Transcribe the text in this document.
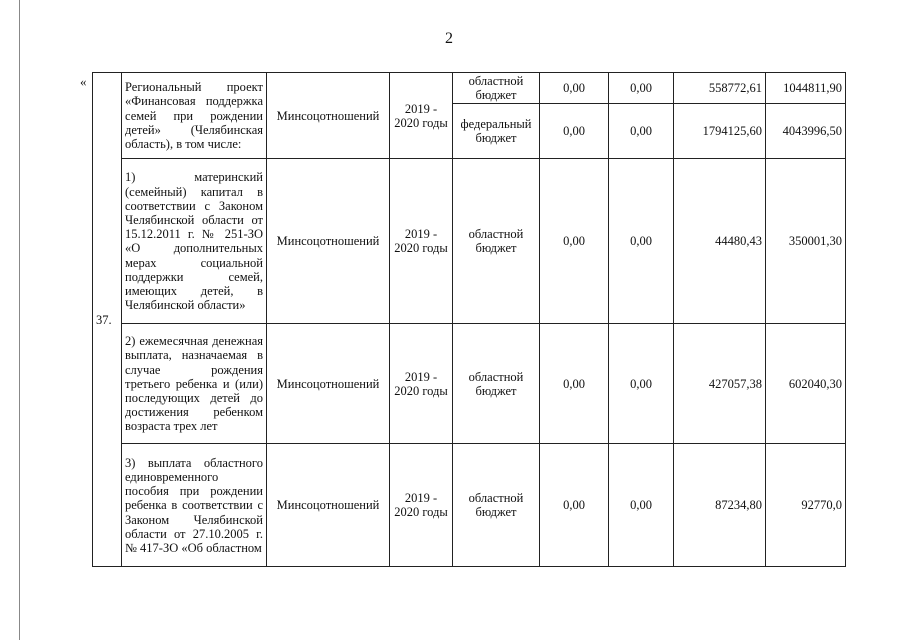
2
«
37.	Региональный проект «Финансовая поддержка семей при рождении детей» (Челябинская область), в том числе:	Минсоцотношений	2019 - 2020 годы	областной бюджет	0,00	0,00	558772,61	1044811,90
				федеральный бюджет	0,00	0,00	1794125,60	4043996,50
	1) материнский (семейный) капитал в соответствии с Законом Челябинской области от 15.12.2011 г. № 251-ЗО «О дополнительных мерах социальной поддержки семей, имеющих детей, в Челябинской области»	Минсоцотношений	2019 - 2020 годы	областной бюджет	0,00	0,00	44480,43	350001,30
	2) ежемесячная денежная выплата, назначаемая в случае рождения третьего ребенка и (или) последующих детей до достижения ребенком возраста трех лет	Минсоцотношений	2019 - 2020 годы	областной бюджет	0,00	0,00	427057,38	602040,30
	3) выплата областного единовременного пособия при рождении ребенка в соответствии с Законом Челябинской области от 27.10.2005 г. № 417-ЗО «Об областном	Минсоцотношений	2019 - 2020 годы	областной бюджет	0,00	0,00	87234,80	92770,0
